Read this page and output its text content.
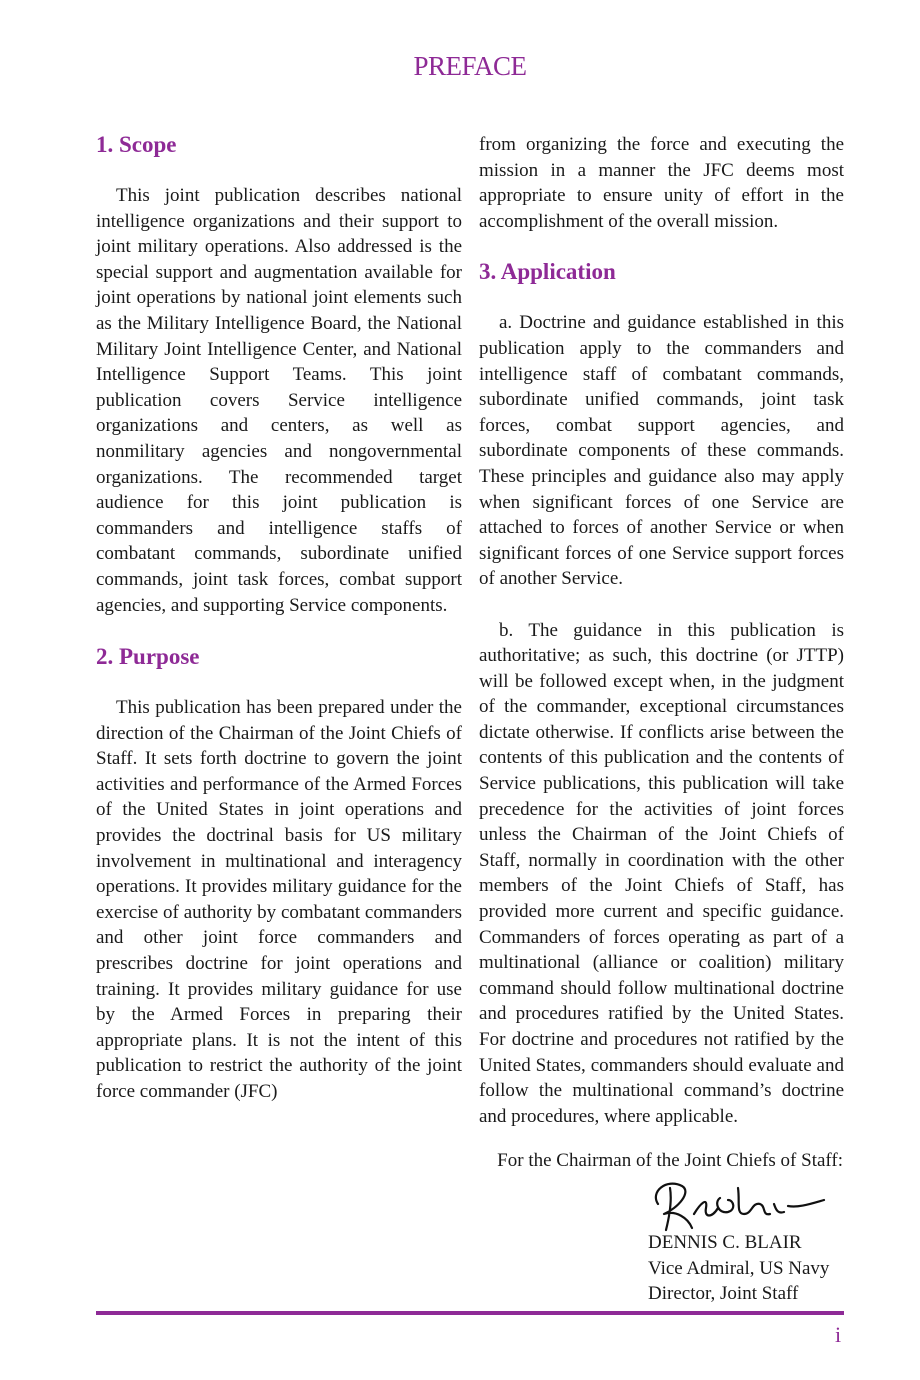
PREFACE
1. Scope

This joint publication describes national intelligence organizations and their support to joint military operations. Also addressed is the special support and augmentation available for joint operations by national joint elements such as the Military Intelligence Board, the National Military Joint Intelligence Center, and National Intelligence Support Teams. This joint publication covers Service intelligence organizations and centers, as well as nonmilitary agencies and nongovernmental organizations. The recommended target audience for this joint publication is commanders and intelligence staffs of combatant commands, subordinate unified commands, joint task forces, combat support agencies, and supporting Service components.

2. Purpose

This publication has been prepared under the direction of the Chairman of the Joint Chiefs of Staff. It sets forth doctrine to govern the joint activities and performance of the Armed Forces of the United States in joint operations and provides the doctrinal basis for US military involvement in multinational and interagency operations. It provides military guidance for the exercise of authority by combatant commanders and other joint force commanders and prescribes doctrine for joint operations and training. It provides military guidance for use by the Armed Forces in preparing their appropriate plans. It is not the intent of this publication to restrict the authority of the joint force commander (JFC)

from organizing the force and executing the mission in a manner the JFC deems most appropriate to ensure unity of effort in the accomplishment of the overall mission.

3. Application

a. Doctrine and guidance established in this publication apply to the commanders and intelligence staff of combatant commands, subordinate unified commands, joint task forces, combat support agencies, and subordinate components of these commands. These principles and guidance also may apply when significant forces of one Service are attached to forces of another Service or when significant forces of one Service support forces of another Service.

b. The guidance in this publication is authoritative; as such, this doctrine (or JTTP) will be followed except when, in the judgment of the commander, exceptional circumstances dictate otherwise. If conflicts arise between the contents of this publication and the contents of Service publications, this publication will take precedence for the activities of joint forces unless the Chairman of the Joint Chiefs of Staff, normally in coordination with the other members of the Joint Chiefs of Staff, has provided more current and specific guidance. Commanders of forces operating as part of a multinational (alliance or coalition) military command should follow multinational doctrine and procedures ratified by the United States. For doctrine and procedures not ratified by the United States, commanders should evaluate and follow the multinational command’s doctrine and procedures, where applicable.

For the Chairman of the Joint Chiefs of Staff:
DENNIS C. BLAIR
Vice Admiral, US Navy
Director, Joint Staff
i
